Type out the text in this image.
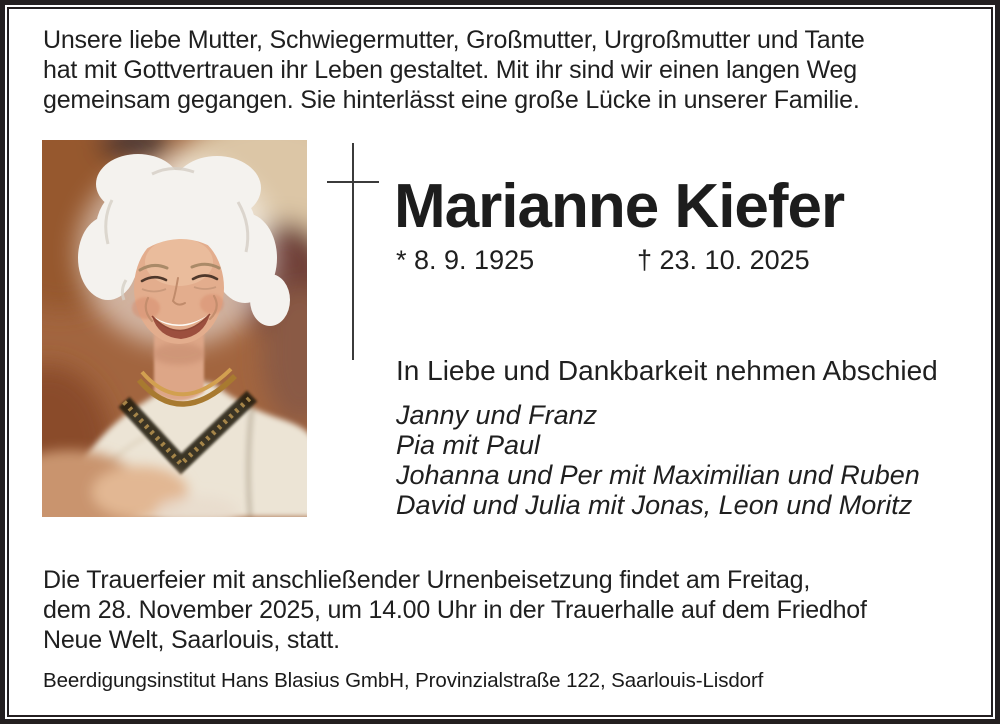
Unsere liebe Mutter, Schwiegermutter, Großmutter, Urgroßmutter und Tante
hat mit Gottvertrauen ihr Leben gestaltet. Mit ihr sind wir einen langen Weg
gemeinsam gegangen. Sie hinterlässt eine große Lücke in unserer Familie.
Marianne Kiefer
* 8. 9. 1925	† 23. 10. 2025
In Liebe und Dankbarkeit nehmen Abschied
Janny und Franz
Pia mit Paul
Johanna und Per mit Maximilian und Ruben
David und Julia mit Jonas, Leon und Moritz
Die Trauerfeier mit anschließender Urnenbeisetzung findet am Freitag,
dem 28. November 2025, um 14.00 Uhr in der Trauerhalle auf dem Friedhof
Neue Welt, Saarlouis, statt.
Beerdigungsinstitut Hans Blasius GmbH, Provinzialstraße 122, Saarlouis-Lisdorf
